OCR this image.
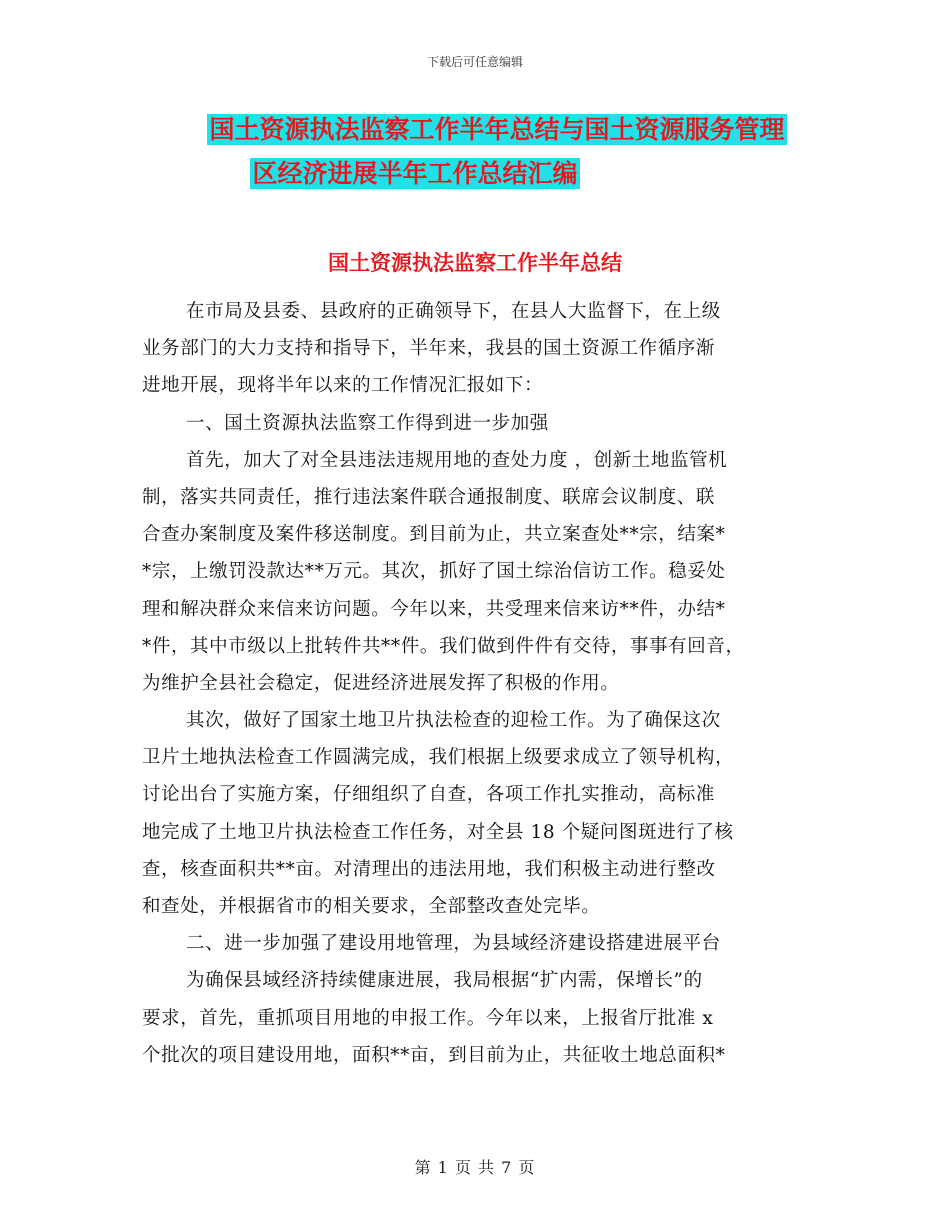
下载后可任意编辑
国土资源执法监察工作半年总结与国土资源服务管理
区经济进展半年工作总结汇编
国土资源执法监察工作半年总结
在市局及县委、县政府的正确领导下，在县人大监督下，在上级
业务部门的大力支持和指导下，半年来，我县的国土资源工作循序渐
进地开展，现将半年以来的工作情况汇报如下：
一、国土资源执法监察工作得到进一步加强
首先，加大了对全县违法违规用地的查处力度 ，创新土地监管机
制，落实共同责任，推行违法案件联合通报制度、联席会议制度、联
合查办案制度及案件移送制度。到目前为止，共立案查处**宗，结案*
*宗，上缴罚没款达**万元。其次，抓好了国土综治信访工作。稳妥处
理和解决群众来信来访问题。今年以来，共受理来信来访**件，办结*
*件，其中市级以上批转件共**件。我们做到件件有交待，事事有回音，
为维护全县社会稳定，促进经济进展发挥了积极的作用。
其次，做好了国家土地卫片执法检查的迎检工作。为了确保这次
卫片土地执法检查工作圆满完成，我们根据上级要求成立了领导机构，
讨论出台了实施方案，仔细组织了自查，各项工作扎实推动，高标准
地完成了土地卫片执法检查工作任务，对全县 18 个疑问图斑进行了核
查，核查面积共**亩。对清理出的违法用地，我们积极主动进行整改
和查处，并根据省市的相关要求，全部整改查处完毕。
二、进一步加强了建设用地管理，为县域经济建设搭建进展平台
为确保县域经济持续健康进展，我局根据“扩内需，保增长”的
要求，首先，重抓项目用地的申报工作。今年以来，上报省厅批准 x
个批次的项目建设用地，面积**亩，到目前为止，共征收土地总面积*
第 1 页 共 7 页
